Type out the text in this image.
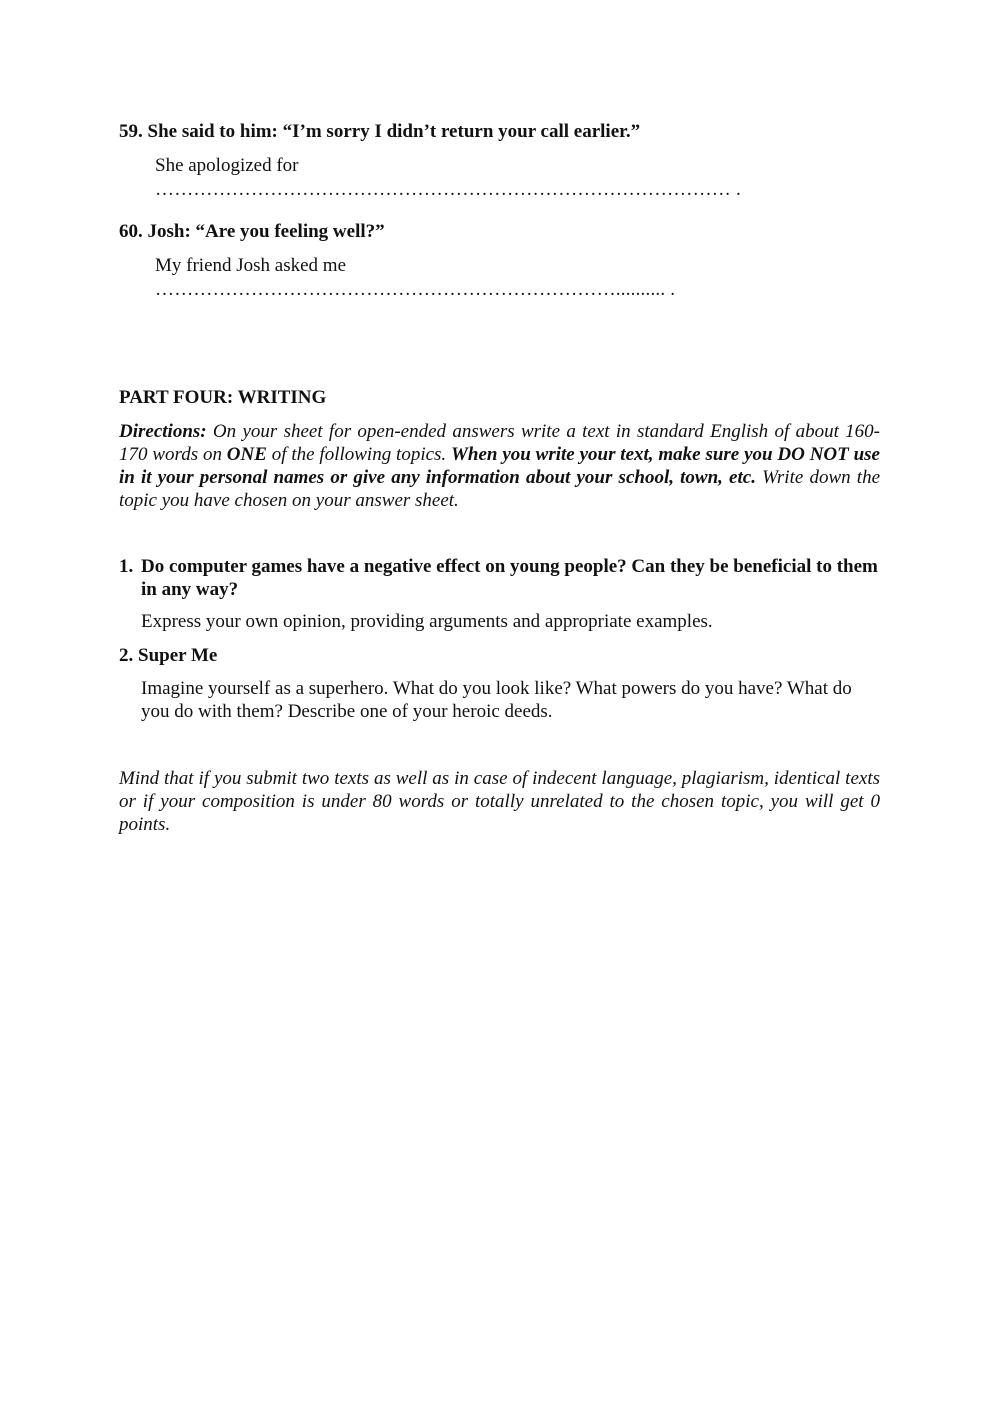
59. She said to him: “I’m sorry I didn’t return your call earlier.”
She apologized for
……………………………………………………………………………… .
60. Josh: “Are you feeling well?”
My friend Josh asked me
……………………………………………………………….......... .
PART FOUR: WRITING
Directions: On your sheet for open-ended answers write a text in standard English of about 160-170 words on ONE of the following topics. When you write your text, make sure you DO NOT use in it your personal names or give any information about your school, town, etc. Write down the topic you have chosen on your answer sheet.
1. Do computer games have a negative effect on young people? Can they be beneficial to them in any way?
Express your own opinion, providing arguments and appropriate examples.
2. Super Me
Imagine yourself as a superhero. What do you look like? What powers do you have? What do you do with them? Describe one of your heroic deeds.
Mind that if you submit two texts as well as in case of indecent language, plagiarism, identical texts or if your composition is under 80 words or totally unrelated to the chosen topic, you will get 0 points.
